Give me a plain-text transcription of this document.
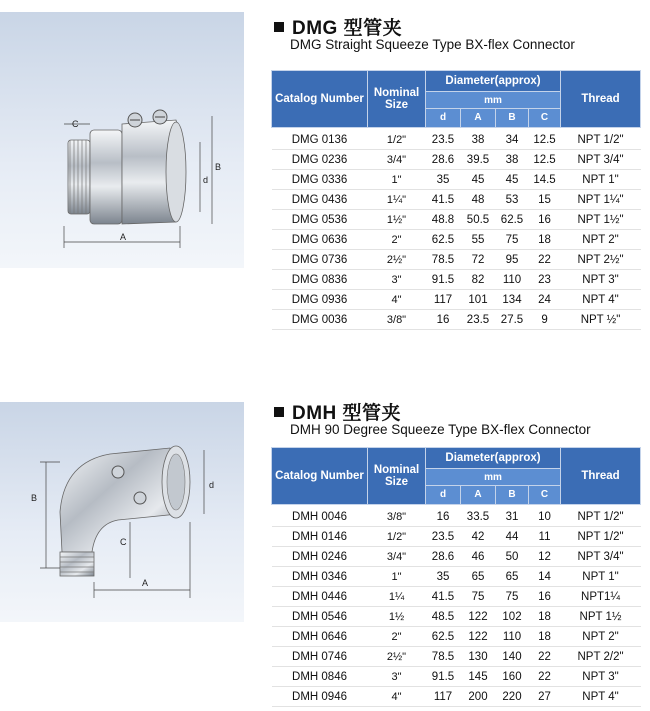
C
d
B
A
DMG 型管夹
DMG Straight Squeeze Type BX-flex Connector
Catalog Number	Nominal Size	Diameter(approx)				Thread
		mm				
		d	A	B	C	
DMG 0136	1/2"	23.5	38	34	12.5	NPT 1/2"
DMG 0236	3/4"	28.6	39.5	38	12.5	NPT 3/4"
DMG 0336	1"	35	45	45	14.5	NPT 1"
DMG 0436	1¼"	41.5	48	53	15	NPT 1¼"
DMG 0536	1½"	48.8	50.5	62.5	16	NPT 1½"
DMG 0636	2"	62.5	55	75	18	NPT 2"
DMG 0736	2½"	78.5	72	95	22	NPT 2½"
DMG 0836	3"	91.5	82	110	23	NPT 3"
DMG 0936	4"	117	101	134	24	NPT 4"
DMG 0036	3/8"	16	23.5	27.5	9	NPT ½"
B
d
C
A
DMH 型管夹
DMH 90 Degree Squeeze Type BX-flex Connector
Catalog Number	Nominal Size	Diameter(approx)				Thread
		mm				
		d	A	B	C	
DMH 0046	3/8"	16	33.5	31	10	NPT 1/2"
DMH 0146	1/2"	23.5	42	44	11	NPT 1/2"
DMH 0246	3/4"	28.6	46	50	12	NPT 3/4"
DMH 0346	1"	35	65	65	14	NPT 1"
DMH 0446	1¼	41.5	75	75	16	NPT1¼
DMH 0546	1½	48.5	122	102	18	NPT 1½
DMH 0646	2"	62.5	122	110	18	NPT 2"
DMH 0746	2½"	78.5	130	140	22	NPT 2/2"
DMH 0846	3"	91.5	145	160	22	NPT 3"
DMH 0946	4"	117	200	220	27	NPT 4"
